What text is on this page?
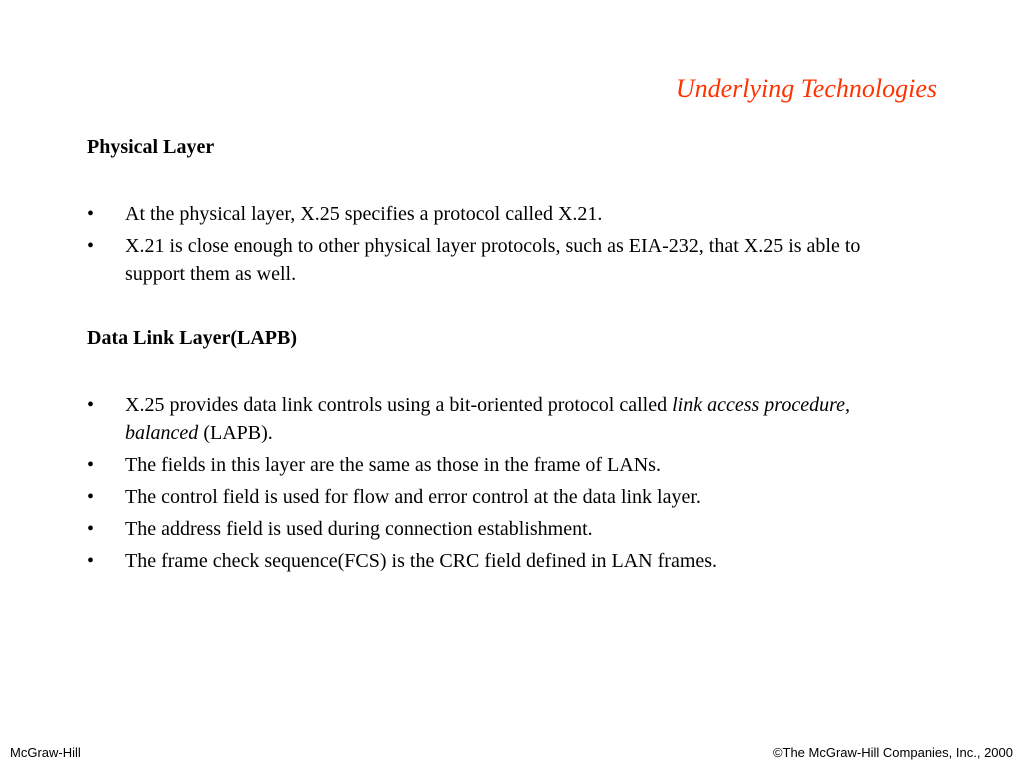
Underlying Technologies
Physical Layer
• At the physical layer, X.25 specifies a protocol called X.21.
• X.21 is close enough to other physical layer protocols, such as EIA-232, that X.25 is able to support them as well.
Data Link Layer(LAPB)
• X.25 provides data link controls using a bit-oriented protocol called link access procedure, balanced (LAPB).
• The fields in this layer are the same as those in the frame of LANs.
• The control field is used for flow and error control at the data link layer.
• The address field is used during connection establishment.
• The frame check sequence(FCS) is the CRC field defined in LAN frames.
McGraw-Hill	©The McGraw-Hill Companies, Inc., 2000
